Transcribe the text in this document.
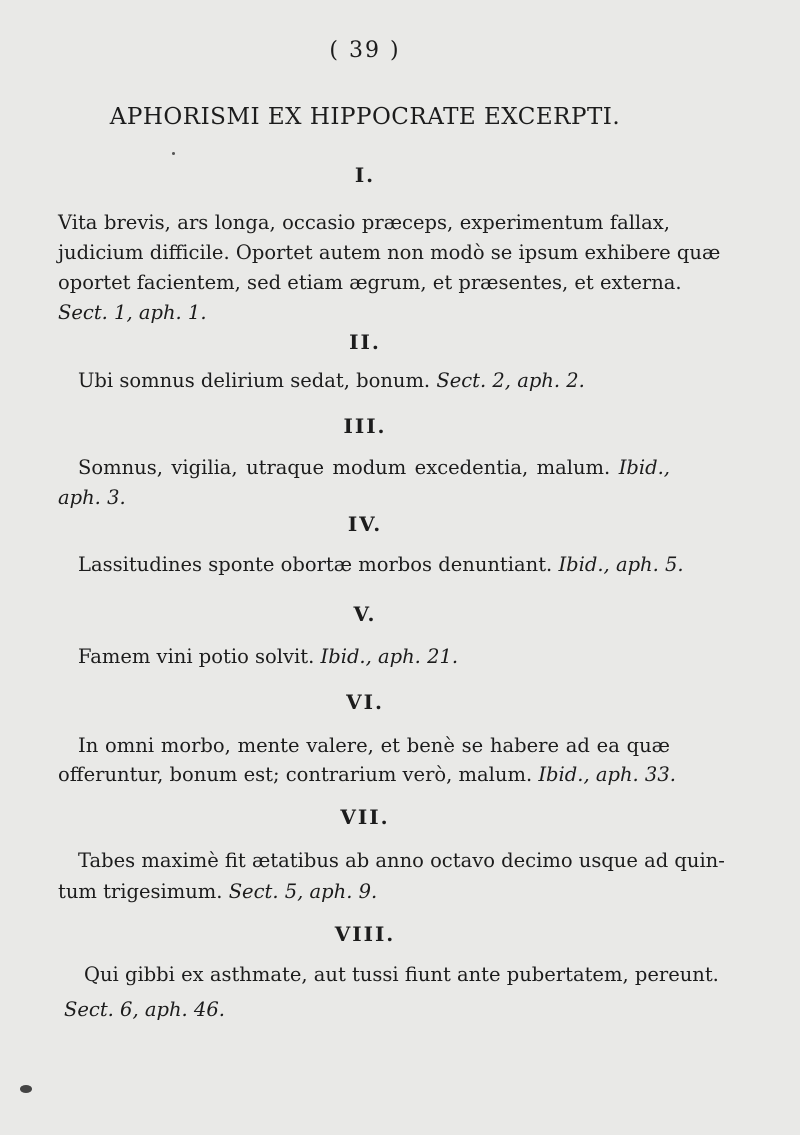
( 39 )
APHORISMI EX HIPPOCRATE EXCERPTI.
I.
Vita brevis, ars longa, occasio præceps, experimentum fallax,
judicium difficile. Oportet autem non modò se ipsum exhibere quæ
oportet facientem, sed etiam ægrum, et præsentes, et externa.
Sect. 1, aph. 1.
II.
Ubi somnus delirium sedat, bonum. Sect. 2, aph. 2.
III.
Somnus, vigilia, utraque modum excedentia, malum. Ibid.,
aph. 3.
IV.
Lassitudines sponte obortæ morbos denuntiant. Ibid., aph. 5.
V.
Famem vini potio solvit. Ibid., aph. 21.
VI.
In omni morbo, mente valere, et benè se habere ad ea quæ
offeruntur, bonum est; contrarium verò, malum. Ibid., aph. 33.
VII.
Tabes maximè fit ætatibus ab anno octavo decimo usque ad quin-
tum trigesimum. Sect. 5, aph. 9.
VIII.
Qui gibbi ex asthmate, aut tussi fiunt ante pubertatem, pereunt.
Sect. 6, aph. 46.
